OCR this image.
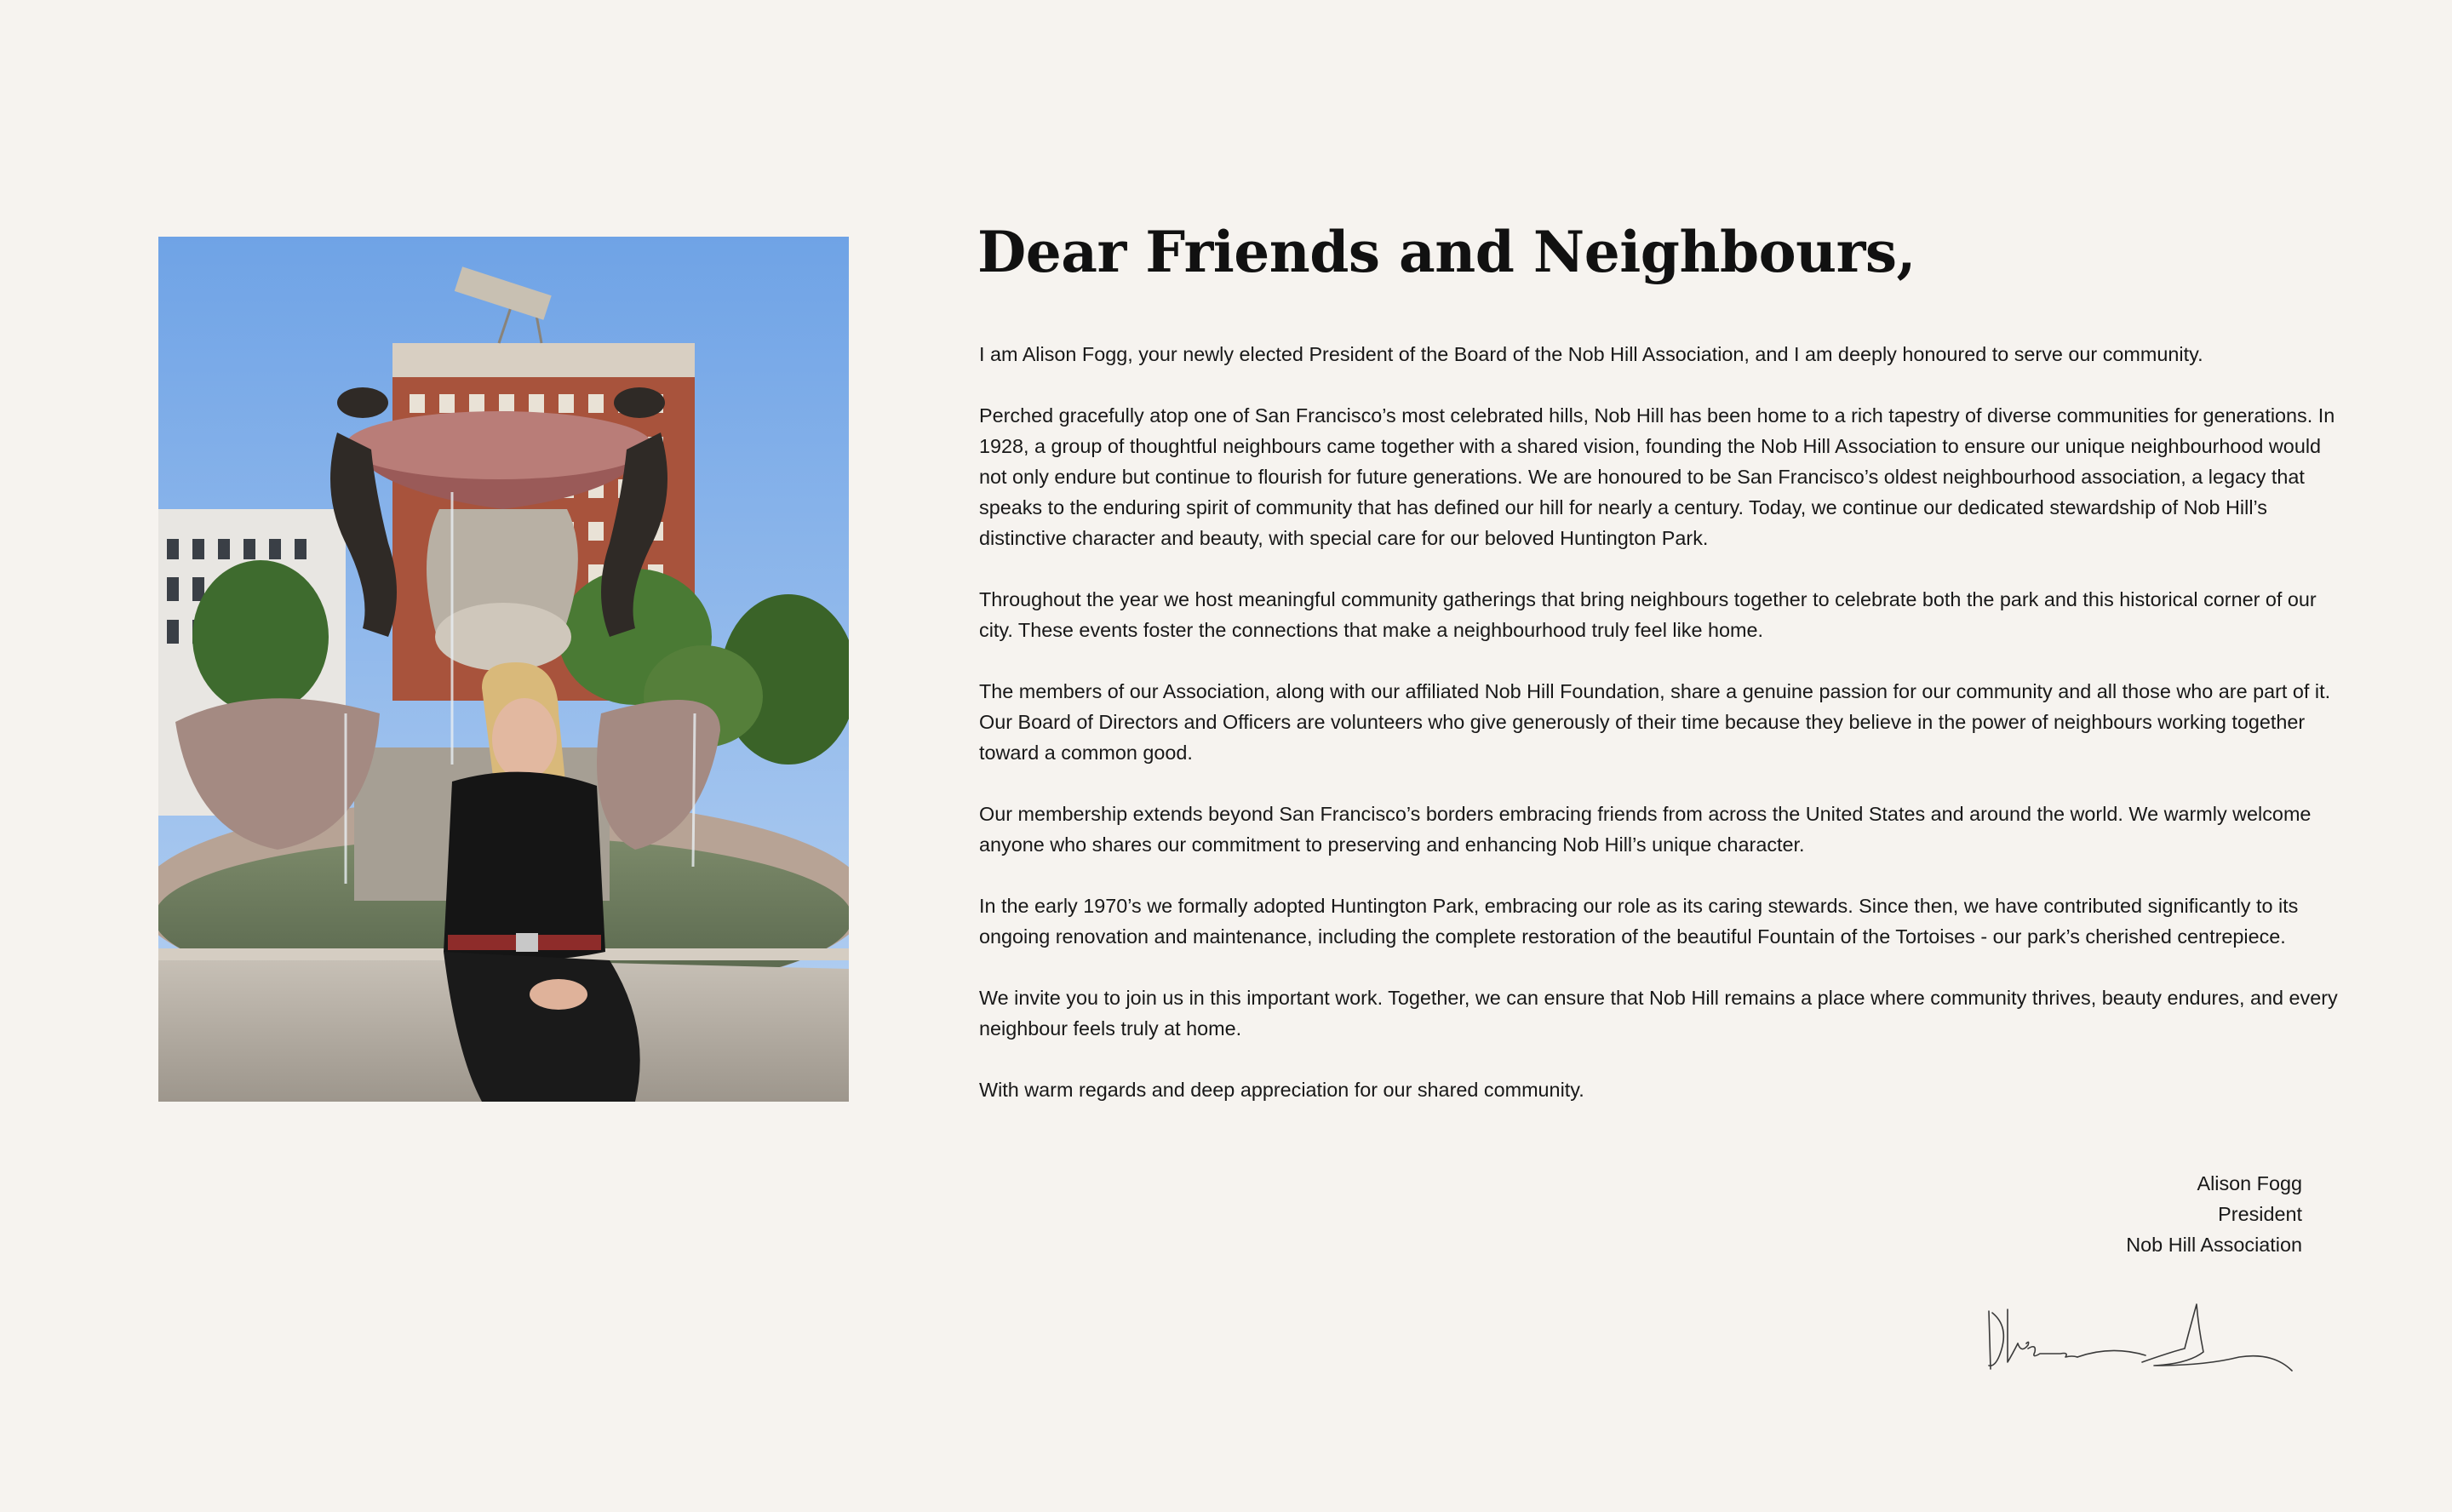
Dear Friends and Neighbours,

I am Alison Fogg, your newly elected President of the Board of the Nob Hill Association, and I am deeply honoured to serve our community.

Perched gracefully atop one of San Francisco’s most celebrated hills, Nob Hill has been home to a rich tapestry of diverse communities for generations. In 1928, a group of thoughtful neighbours came together with a shared vision, founding the Nob Hill Association to ensure our unique neighbourhood would not only endure but continue to flourish for future generations. We are honoured to be San Francisco’s oldest neighbourhood association, a legacy that speaks to the enduring spirit of community that has defined our hill for nearly a century. Today, we continue our dedicated stewardship of Nob Hill’s distinctive character and beauty, with special care for our beloved Huntington Park.

Throughout the year we host meaningful community gatherings that bring neighbours together to celebrate both the park and this historical corner of our city. These events foster the connections that make a neighbourhood truly feel like home.

The members of our Association, along with our affiliated Nob Hill Foundation, share a genuine passion for our community and all those who are part of it. Our Board of Directors and Officers are volunteers who give generously of their time because they believe in the power of neighbours working together toward a common good.

Our membership extends beyond San Francisco’s borders embracing friends from across the United States and around the world. We warmly welcome anyone who shares our commitment to preserving and enhancing Nob Hill’s unique character.

In the early 1970’s we formally adopted Huntington Park, embracing our role as its caring stewards. Since then, we have contributed significantly to its ongoing renovation and maintenance, including the complete restoration of the beautiful Fountain of the Tortoises - our park’s cherished centrepiece.

We invite you to join us in this important work. Together, we can ensure that Nob Hill remains a place where community thrives, beauty endures, and every neighbour feels truly at home.

With warm regards and deep appreciation for our shared community.

Alison Fogg
President
Nob Hill Association
